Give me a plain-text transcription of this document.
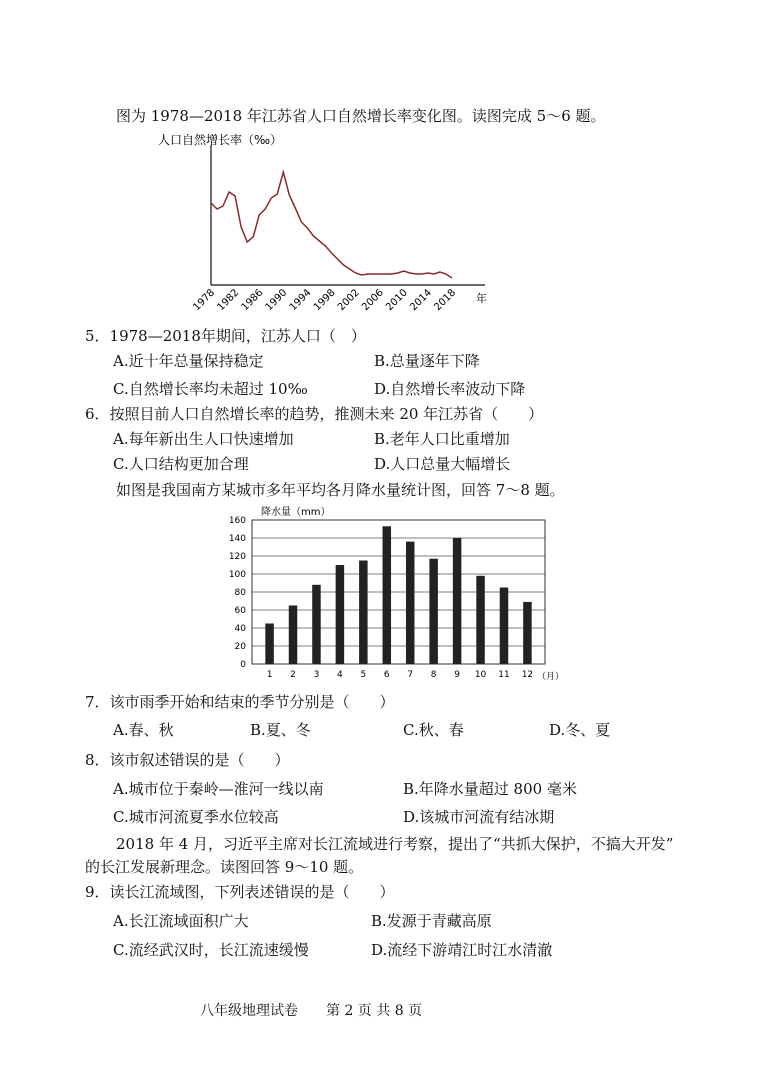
图为 1978—2018 年江苏省人口自然增长率变化图。读图完成 5～6 题。
人口自然增长率（‰）
年
1978
1982
1986
1990
1994
1998
2002
2006
2010
2014
2018
5．1978—2018年期间，江苏人口（　）
A.近十年总量保持稳定	B.总量逐年下降
C.自然增长率均未超过 10‰	D.自然增长率波动下降
6．按照目前人口自然增长率的趋势，推测未来 20 年江苏省（　　）
A.每年新出生人口快速增加	B.老年人口比重增加
C.人口结构更加合理	D.人口总量大幅增长
如图是我国南方某城市多年平均各月降水量统计图，回答 7～8 题。
降水量（mm）
0
20
40
60
80
100
120
140
160
1 2 3 4 5 6 7 8 9 10 11 12 （月）
7．该市雨季开始和结束的季节分别是（　　）
A.春、秋	B.夏、冬	C.秋、春	D.冬、夏
8．该市叙述错误的是（　　）
A.城市位于秦岭—淮河一线以南	B.年降水量超过 800 毫米
C.城市河流夏季水位较高	D.该城市河流有结冰期
2018 年 4 月，习近平主席对长江流域进行考察，提出了“共抓大保护，不搞大开发”
的长江发展新理念。读图回答 9～10 题。
9．读长江流域图，下列表述错误的是（　　）
A.长江流域面积广大	B.发源于青藏高原
C.流经武汉时，长江流速缓慢	D.流经下游靖江时江水清澈
八年级地理试卷　　第 2 页 共 8 页
